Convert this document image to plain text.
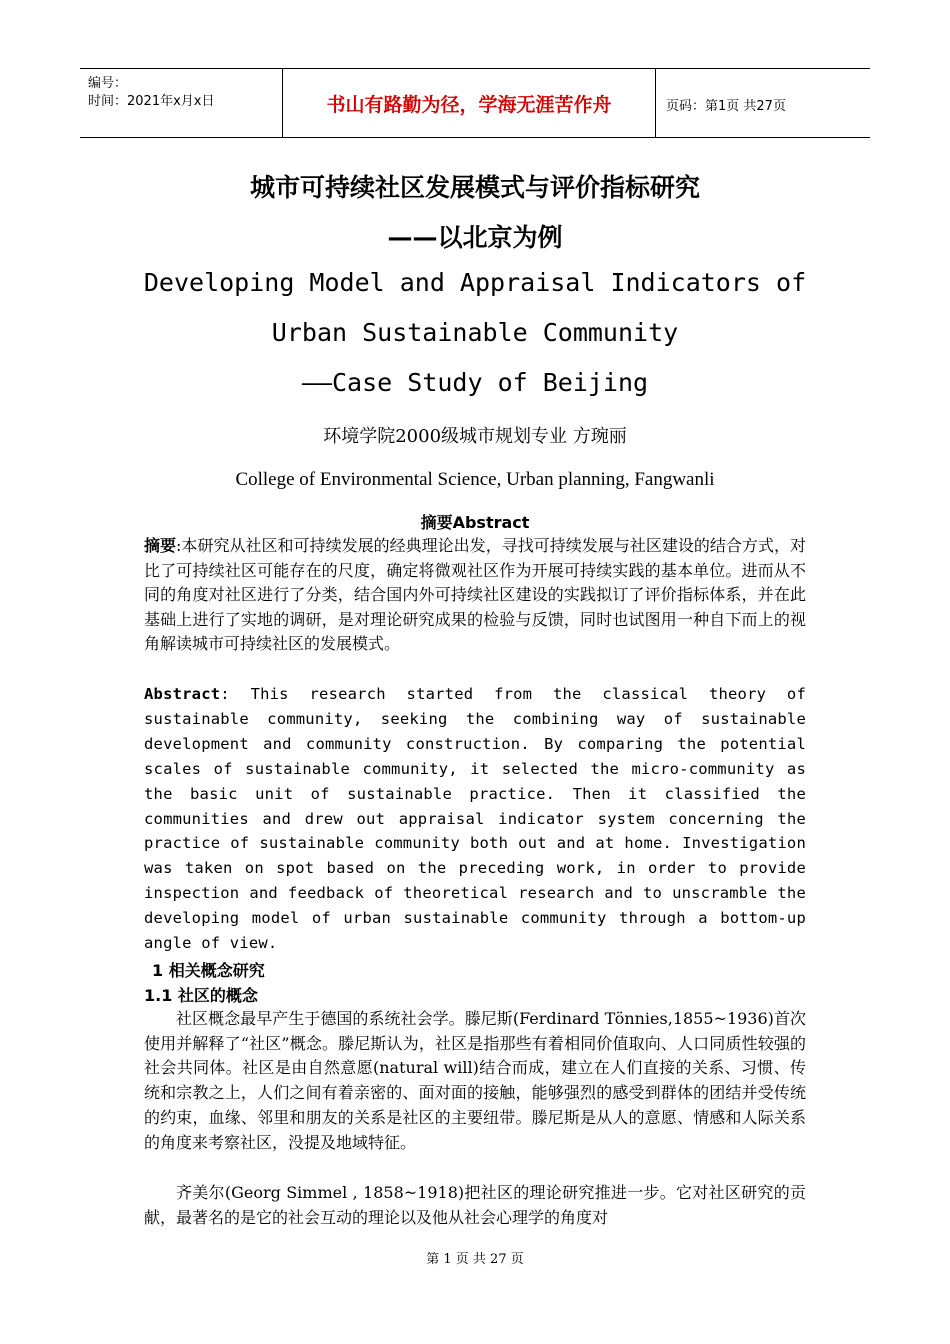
编号：
时间：2021年x月x日	书山有路勤为径，学海无涯苦作舟	页码：第1页 共27页
城市可持续社区发展模式与评价指标研究
——以北京为例
Developing Model and Appraisal Indicators of
Urban Sustainable Community
——Case Study of Beijing
环境学院2000级城市规划专业 方琬丽
College of Environmental Science, Urban planning, Fangwanli
摘要Abstract
摘要:本研究从社区和可持续发展的经典理论出发，寻找可持续发展与社区建设的结合方式，对比了可持续社区可能存在的尺度，确定将微观社区作为开展可持续实践的基本单位。进而从不同的角度对社区进行了分类，结合国内外可持续社区建设的实践拟订了评价指标体系，并在此基础上进行了实地的调研，是对理论研究成果的检验与反馈，同时也试图用一种自下而上的视角解读城市可持续社区的发展模式。
Abstract: This research started from the classical theory of sustainable community, seeking the combining way of sustainable development and community construction. By comparing the potential scales of sustainable community, it selected the micro-community as the basic unit of sustainable practice. Then it classified the communities and drew out appraisal indicator system concerning the practice of sustainable community both out and at home. Investigation was taken on spot based on the preceding work, in order to provide inspection and feedback of theoretical research and to unscramble the developing model of urban sustainable community through a bottom-up angle of view.
1 相关概念研究
1.1 社区的概念
社区概念最早产生于德国的系统社会学。滕尼斯(Ferdinard Tönnies,1855~1936)首次使用并解释了“社区”概念。滕尼斯认为，社区是指那些有着相同价值取向、人口同质性较强的社会共同体。社区是由自然意愿(natural will)结合而成，建立在人们直接的关系、习惯、传统和宗教之上，人们之间有着亲密的、面对面的接触，能够强烈的感受到群体的团结并受传统的约束，血缘、邻里和朋友的关系是社区的主要纽带。滕尼斯是从人的意愿、情感和人际关系的角度来考察社区，没提及地域特征。
齐美尔(Georg Simmel , 1858~1918)把社区的理论研究推进一步。它对社区研究的贡献，最著名的是它的社会互动的理论以及他从社会心理学的角度对
第 1 页 共 27 页
